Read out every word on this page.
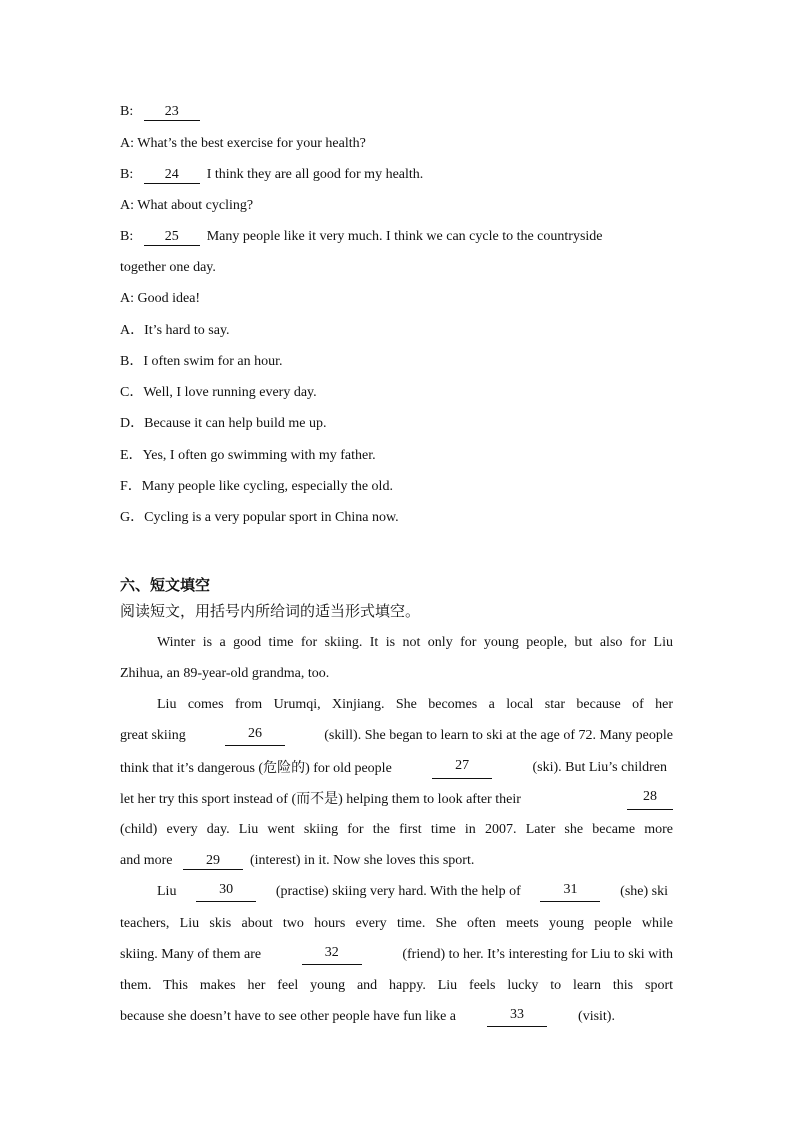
B: 23
A: What’s the best exercise for your health?
B: 24 I think they are all good for my health.
A: What about cycling?
B: 25 Many people like it very much. I think we can cycle to the countryside
together one day.
A: Good idea!
A．It’s hard to say.
B．I often swim for an hour.
C．Well, I love running every day.
D．Because it can help build me up.
E．Yes, I often go swimming with my father.
F．Many people like cycling, especially the old.
G．Cycling is a very popular sport in China now.
六、短文填空
阅读短文，用括号内所给词的适当形式填空。
Winter is a good time for skiing. It is not only for young people, but also for Liu
Zhihua, an 89-year-old grandma, too.
Liu comes from Urumqi, Xinjiang. She becomes a local star because of her
great skiing	26	(skill). She began to learn to ski at the age of 72. Many people
think that it’s dangerous (危险的) for old people	27	(ski). But Liu’s children
let her try this sport instead of (而不是) helping them to look after their	28
(child) every day. Liu went skiing for the first time in 2007. Later she became more
and more 29 (interest) in it. Now she loves this sport.
Liu	30	(practise) skiing very hard. With the help of	31	(she) ski
teachers, Liu skis about two hours every time. She often meets young people while
skiing. Many of them are	32	(friend) to her. It’s interesting for Liu to ski with
them. This makes her feel young and happy. Liu feels lucky to learn this sport
because she doesn’t have to see other people have fun like a	33	(visit).
